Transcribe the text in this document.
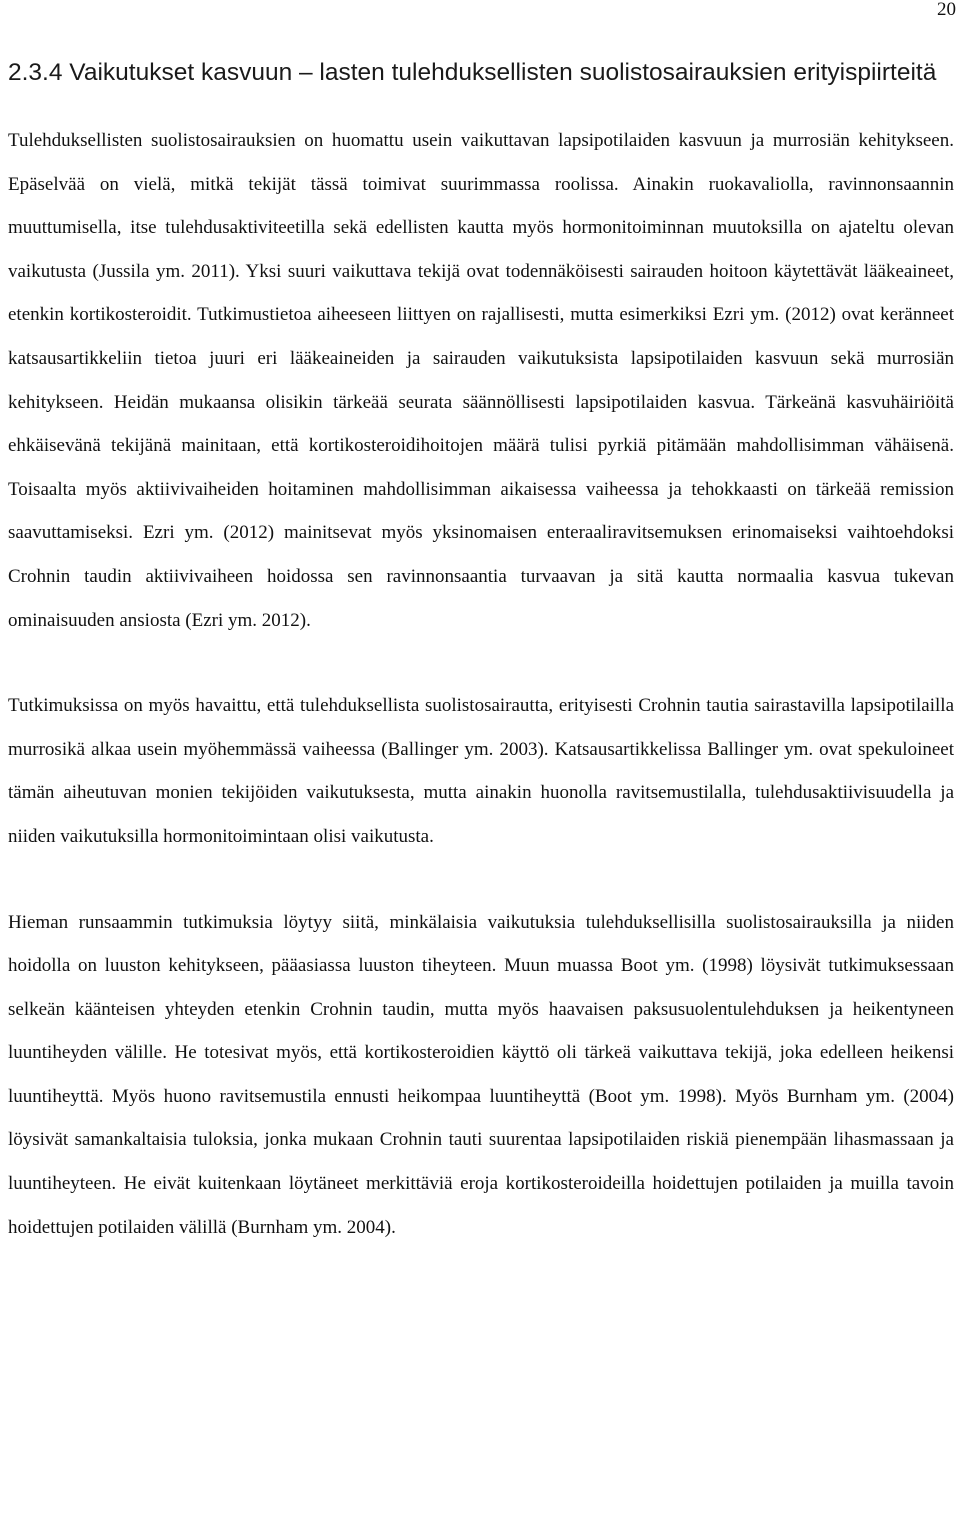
20
2.3.4 Vaikutukset kasvuun – lasten tulehduksellisten suolistosairauksien erityispiirteitä

Tulehduksellisten suolistosairauksien on huomattu usein vaikuttavan lapsipotilaiden kasvuun ja murrosiän kehitykseen. Epäselvää on vielä, mitkä tekijät tässä toimivat suurimmassa roolissa. Ainakin ruokavaliolla, ravinnonsaannin muuttumisella, itse tulehdusaktiviteetilla sekä edellisten kautta myös hormonitoiminnan muutoksilla on ajateltu olevan vaikutusta (Jussila ym. 2011). Yksi suuri vaikuttava tekijä ovat todennäköisesti sairauden hoitoon käytettävät lääkeaineet, etenkin kortikosteroidit. Tutkimustietoa aiheeseen liittyen on rajallisesti, mutta esimerkiksi Ezri ym. (2012) ovat keränneet katsausartikkeliin tietoa juuri eri lääkeaineiden ja sairauden vaikutuksista lapsipotilaiden kasvuun sekä murrosiän kehitykseen. Heidän mukaansa olisikin tärkeää seurata säännöllisesti lapsipotilaiden kasvua. Tärkeänä kasvuhäiriöitä ehkäisevänä tekijänä mainitaan, että kortikosteroidihoitojen määrä tulisi pyrkiä pitämään mahdollisimman vähäisenä. Toisaalta myös aktiivivaiheiden hoitaminen mahdollisimman aikaisessa vaiheessa ja tehokkaasti on tärkeää remission saavuttamiseksi. Ezri ym. (2012) mainitsevat myös yksinomaisen enteraaliravitsemuksen erinomaiseksi vaihtoehdoksi Crohnin taudin aktiivivaiheen hoidossa sen ravinnonsaantia turvaavan ja sitä kautta normaalia kasvua tukevan ominaisuuden ansiosta (Ezri ym. 2012).

Tutkimuksissa on myös havaittu, että tulehduksellista suolistosairautta, erityisesti Crohnin tautia sairastavilla lapsipotilailla murrosikä alkaa usein myöhemmässä vaiheessa (Ballinger ym. 2003). Katsausartikkelissa Ballinger ym. ovat spekuloineet tämän aiheutuvan monien tekijöiden vaikutuksesta, mutta ainakin huonolla ravitsemustilalla, tulehdusaktiivisuudella ja niiden vaikutuksilla hormonitoimintaan olisi vaikutusta.

Hieman runsaammin tutkimuksia löytyy siitä, minkälaisia vaikutuksia tulehduksellisilla suolistosairauksilla ja niiden hoidolla on luuston kehitykseen, pääasiassa luuston tiheyteen. Muun muassa Boot ym. (1998) löysivät tutkimuksessaan selkeän käänteisen yhteyden etenkin Crohnin taudin, mutta myös haavaisen paksusuolentulehduksen ja heikentyneen luuntiheyden välille. He totesivat myös, että kortikosteroidien käyttö oli tärkeä vaikuttava tekijä, joka edelleen heikensi luuntiheyttä. Myös huono ravitsemustila ennusti heikompaa luuntiheyttä (Boot ym. 1998). Myös Burnham ym. (2004) löysivät samankaltaisia tuloksia, jonka mukaan Crohnin tauti suurentaa lapsipotilaiden riskiä pienempään lihasmassaan ja luuntiheyteen. He eivät kuitenkaan löytäneet merkittäviä eroja kortikosteroideilla hoidettujen potilaiden ja muilla tavoin hoidettujen potilaiden välillä (Burnham ym. 2004).
